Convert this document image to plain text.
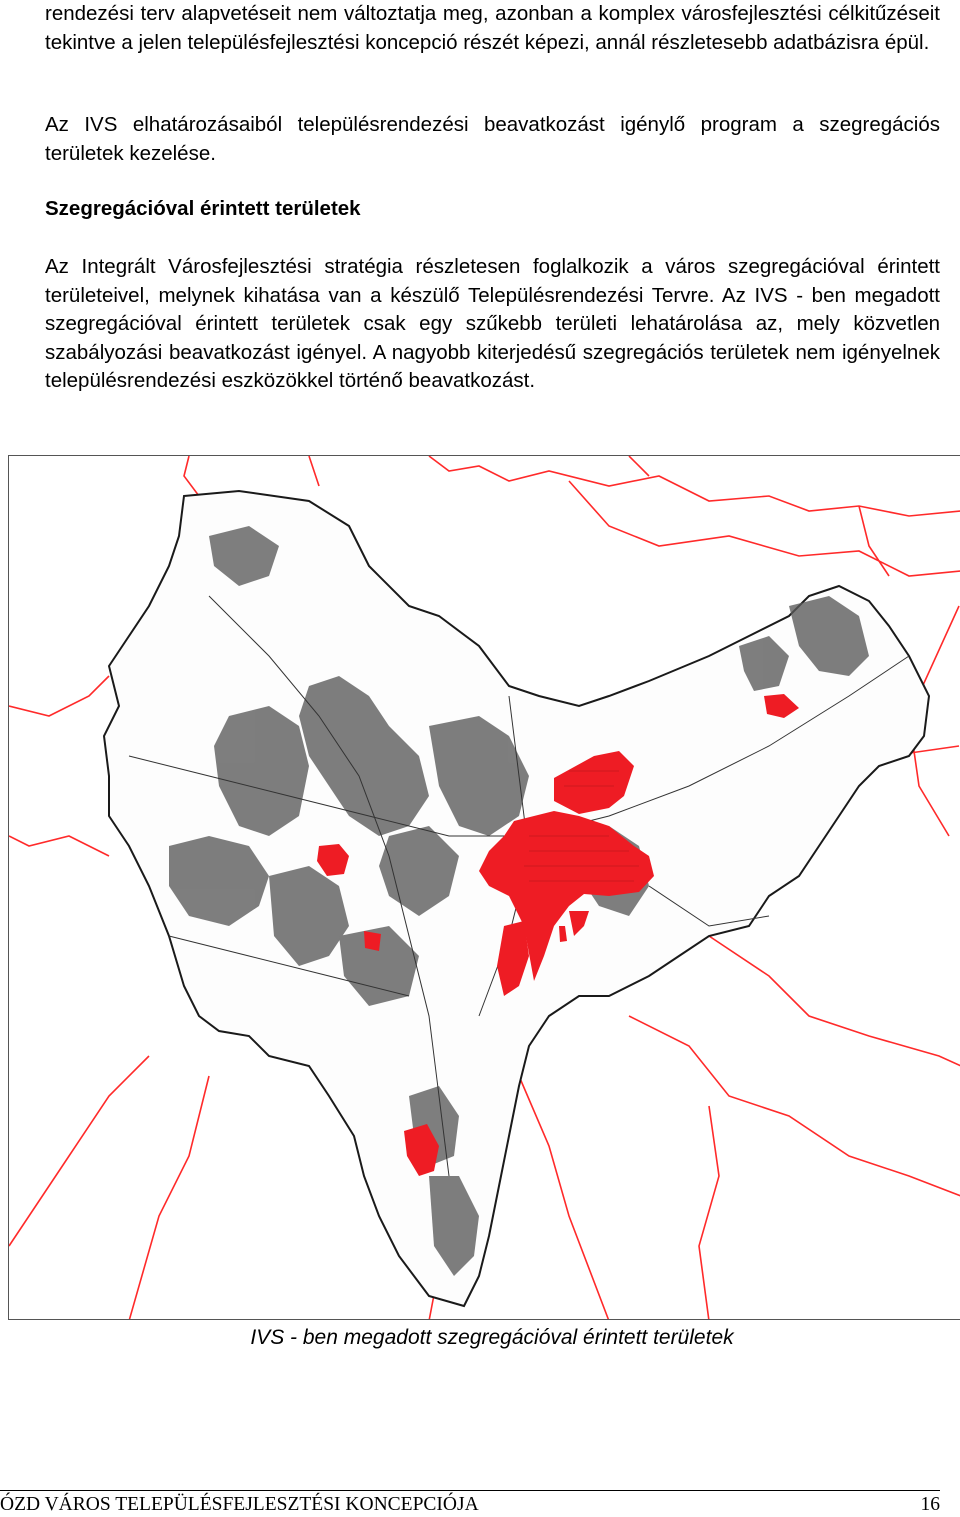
rendezési terv alapvetéseit nem változtatja meg, azonban a komplex városfejlesztési célkitűzéseit tekintve a jelen településfejlesztési koncepció részét képezi, annál részletesebb adatbázisra épül.

Az IVS elhatározásaiból településrendezési beavatkozást igénylő program a szegregációs területek kezelése.

Szegregációval érintett területek

Az Integrált Városfejlesztési stratégia részletesen foglalkozik a város szegregációval érintett területeivel, melynek kihatása van a készülő Településrendezési Tervre. Az IVS - ben megadott szegregációval érintett területek csak egy szűkebb területi lehatárolása az, mely közvetlen szabályozási beavatkozást igényel. A nagyobb kiterjedésű szegregációs területek nem igényelnek településrendezési eszközökkel történő beavatkozást.

IVS - ben megadott szegregációval érintett területek

ÓZD VÁROS TELEPÜLÉSFEJLESZTÉSI KONCEPCIÓJA	16
